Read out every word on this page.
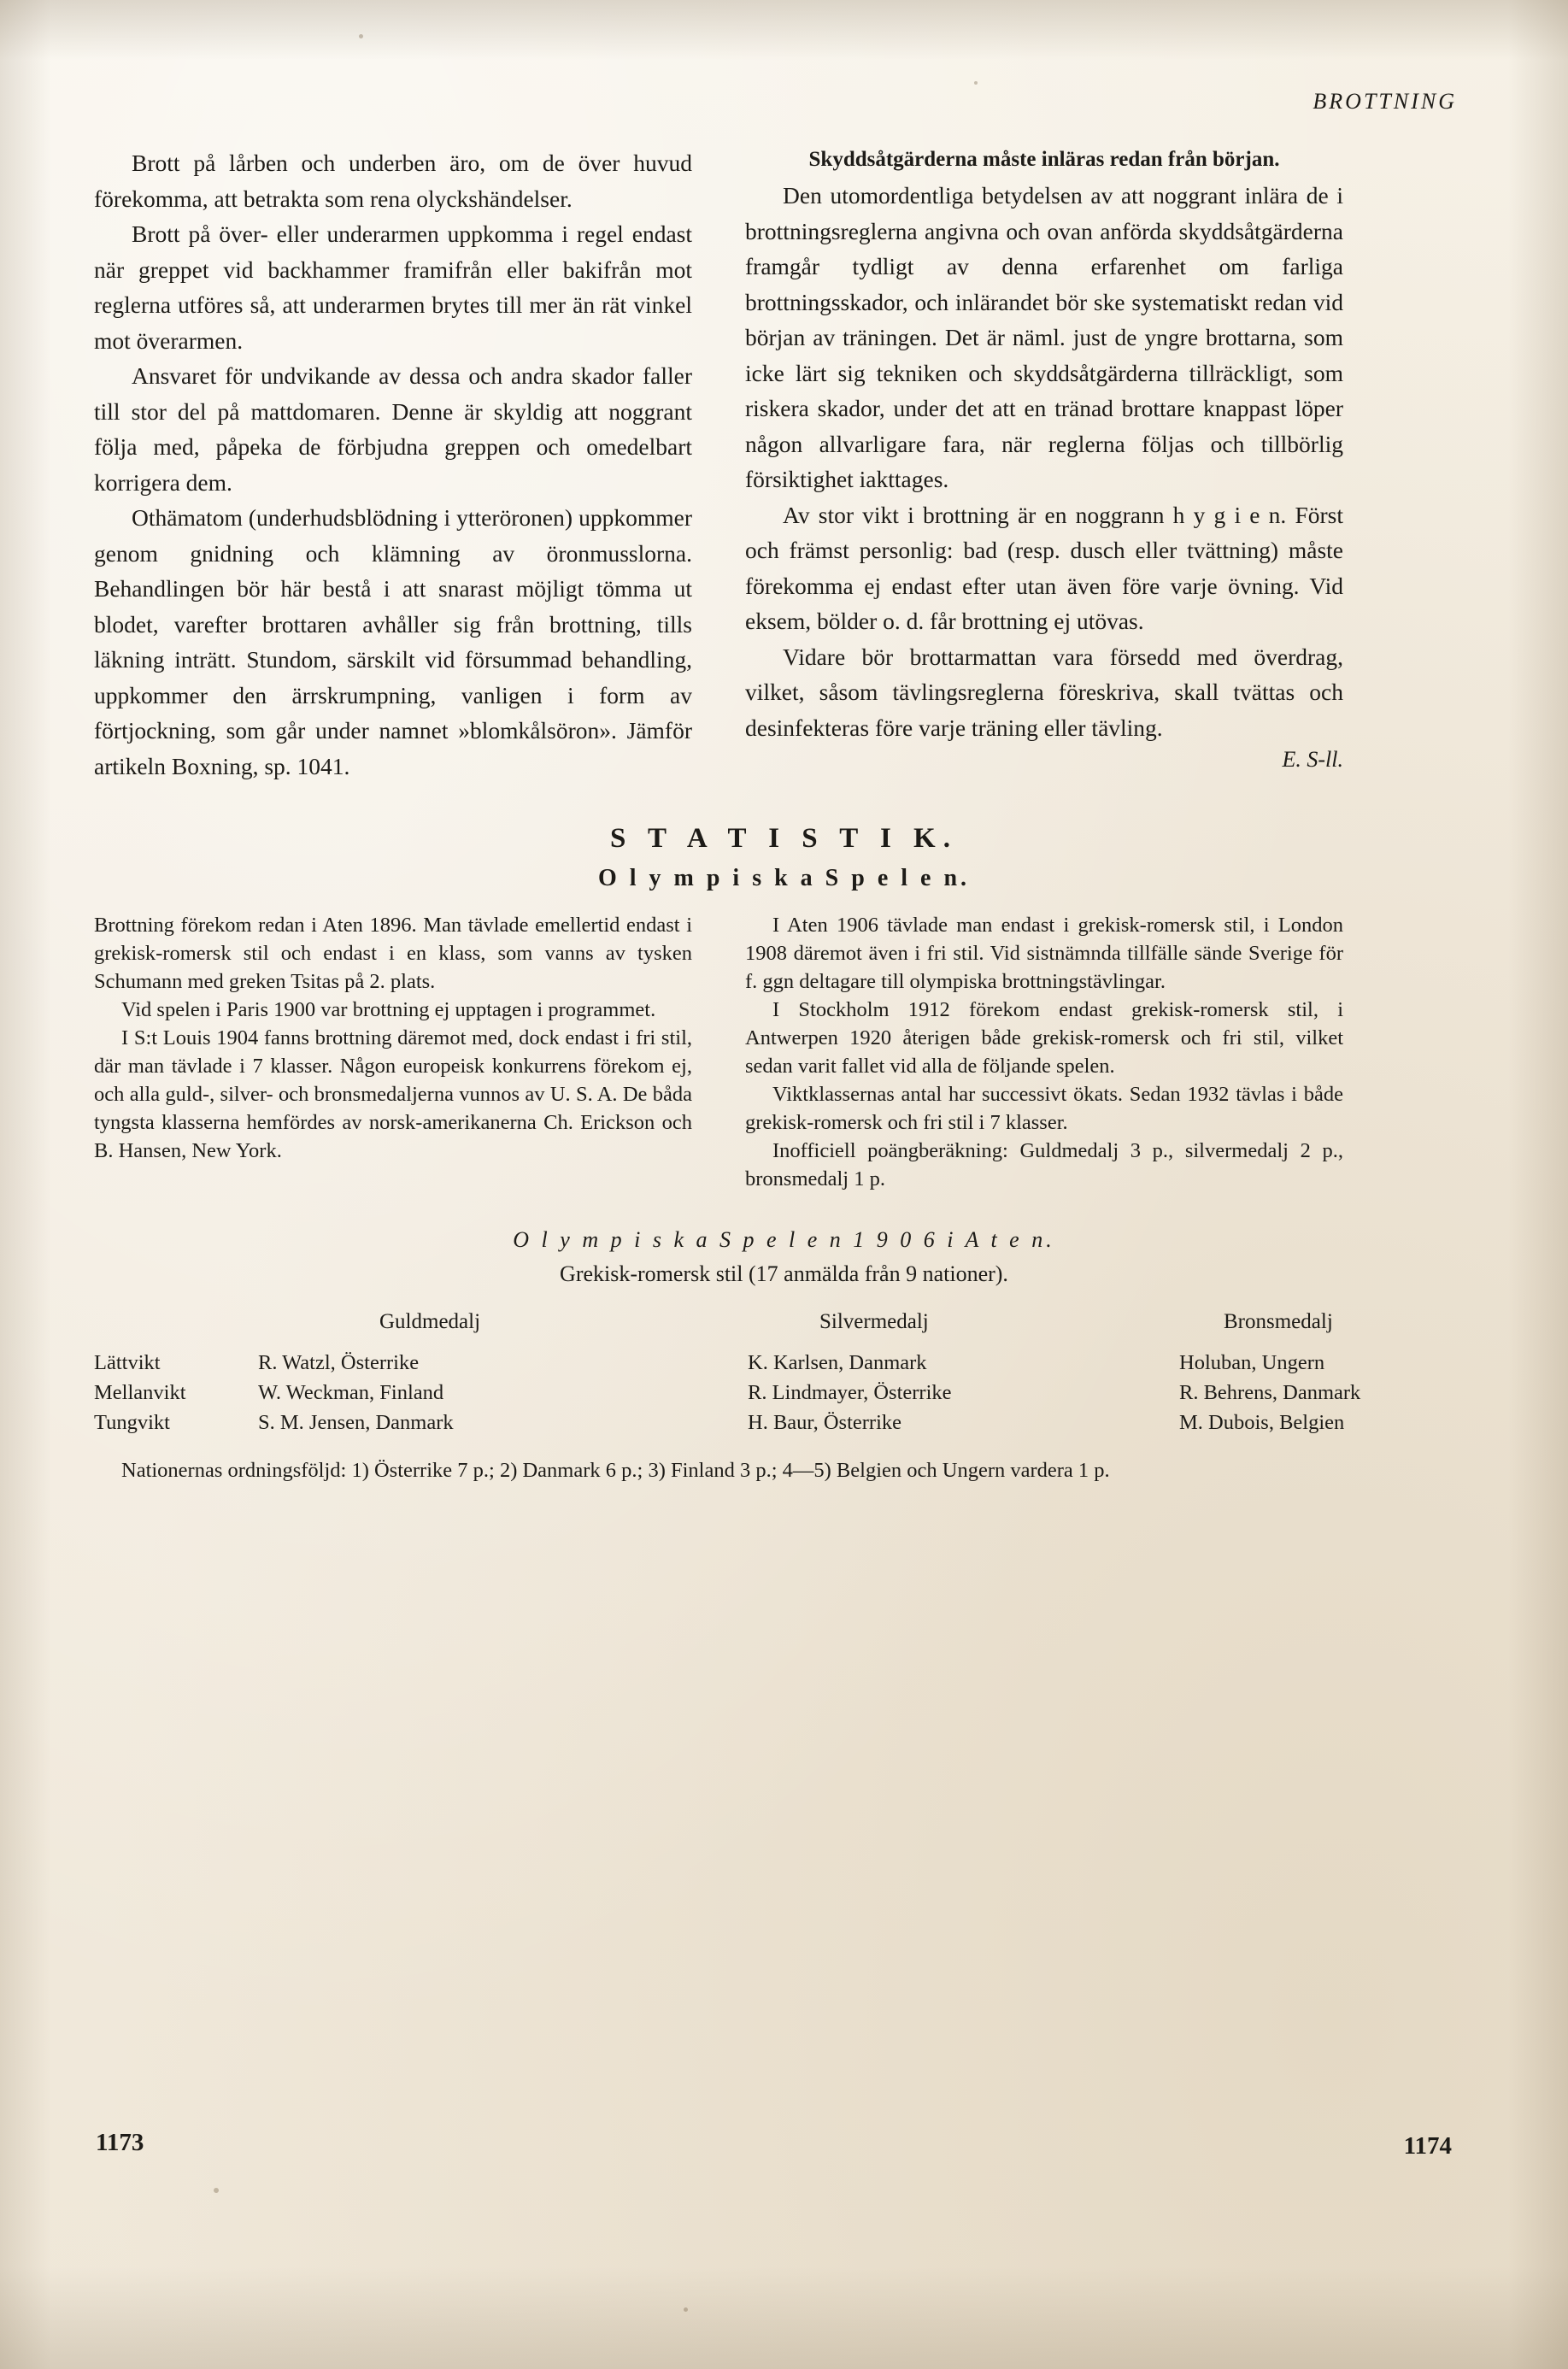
BROTTNING

Brott på lårben och underben äro, om de över huvud förekomma, att betrakta som rena olyckshändelser.

Brott på över- eller underarmen uppkomma i regel endast när greppet vid backhammer framifrån eller bakifrån mot reglerna utföres så, att underarmen brytes till mer än rät vinkel mot överarmen.

Ansvaret för undvikande av dessa och andra skador faller till stor del på mattdomaren. Denne är skyldig att noggrant följa med, påpeka de förbjudna greppen och omedelbart korrigera dem.

Othämatom (underhudsblödning i ytteröronen) uppkommer genom gnidning och klämning av öronmusslorna. Behandlingen bör här bestå i att snarast möjligt tömma ut blodet, varefter brottaren avhåller sig från brottning, tills läkning inträtt. Stundom, särskilt vid försummad behandling, uppkommer den ärrskrumpning, vanligen i form av förtjockning, som går under namnet »blomkålsöron». Jämför artikeln Boxning, sp. 1041.

Skyddsåtgärderna måste inläras redan från början.

Den utomordentliga betydelsen av att noggrant inlära de i brottningsreglerna angivna och ovan anförda skyddsåtgärderna framgår tydligt av denna erfarenhet om farliga brottningsskador, och inlärandet bör ske systematiskt redan vid början av träningen. Det är näml. just de yngre brottarna, som icke lärt sig tekniken och skyddsåtgärderna tillräckligt, som riskera skador, under det att en tränad brottare knappast löper någon allvarligare fara, när reglerna följas och tillbörlig försiktighet iakttages.

Av stor vikt i brottning är en noggrann h y g i e n. Först och främst personlig: bad (resp. dusch eller tvättning) måste förekomma ej endast efter utan även före varje övning. Vid eksem, bölder o. d. får brottning ej utövas.

Vidare bör brottarmattan vara försedd med överdrag, vilket, såsom tävlingsreglerna föreskriva, skall tvättas och desinfekteras före varje träning eller tävling.

E. S-ll.
S T A T I S T I K.
O l y m p i s k a S p e l e n.

Brottning förekom redan i Aten 1896. Man tävlade emellertid endast i grekisk-romersk stil och endast i en klass, som vanns av tysken Schumann med greken Tsitas på 2. plats.

Vid spelen i Paris 1900 var brottning ej upptagen i programmet.

I S:t Louis 1904 fanns brottning däremot med, dock endast i fri stil, där man tävlade i 7 klasser. Någon europeisk konkurrens förekom ej, och alla guld-, silver- och bronsmedaljerna vunnos av U. S. A. De båda tyngsta klasserna hemfördes av norsk-amerikanerna Ch. Erickson och B. Hansen, New York.

I Aten 1906 tävlade man endast i grekisk-romersk stil, i London 1908 däremot även i fri stil. Vid sistnämnda tillfälle sände Sverige för f. ggn deltagare till olympiska brottningstävlingar.

I Stockholm 1912 förekom endast grekisk-romersk stil, i Antwerpen 1920 återigen både grekisk-romersk och fri stil, vilket sedan varit fallet vid alla de följande spelen.

Viktklassernas antal har successivt ökats. Sedan 1932 tävlas i både grekisk-romersk och fri stil i 7 klasser.

Inofficiell poängberäkning: Guldmedalj 3 p., silvermedalj 2 p., bronsmedalj 1 p.

O l y m p i s k a S p e l e n 1 9 0 6 i A t e n.
Grekisk-romersk stil (17 anmälda från 9 nationer).
	Guldmedalj	Silvermedalj	Bronsmedalj
Lättvikt	R. Watzl, Österrike	K. Karlsen, Danmark	Holuban, Ungern
Mellanvikt	W. Weckman, Finland	R. Lindmayer, Österrike	R. Behrens, Danmark
Tungvikt	S. M. Jensen, Danmark	H. Baur, Österrike	M. Dubois, Belgien
Nationernas ordningsföljd: 1) Österrike 7 p.; 2) Danmark 6 p.; 3) Finland 3 p.; 4—5) Belgien och Ungern vardera 1 p.
1173	1174
